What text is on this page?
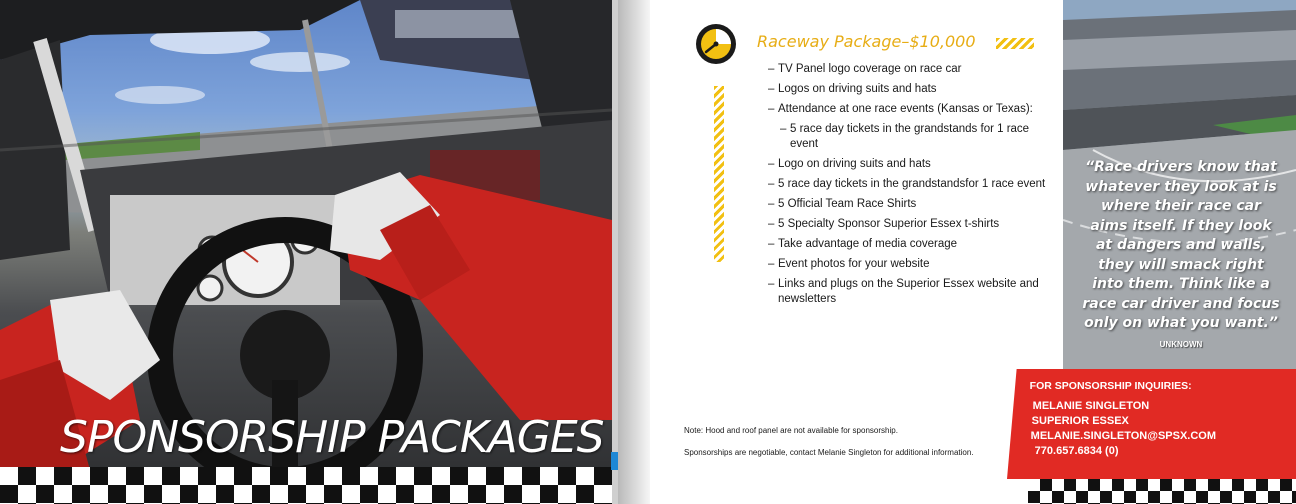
SPONSORSHIP PACKAGES
Raceway Package–$10,000
– TV Panel logo coverage on race car
– Logos on driving suits and hats
– Attendance at one race events (Kansas or Texas):
– 5 race day tickets in the grandstands for 1 race event
– Logo on driving suits and hats
– 5 race day tickets in the grandstandsfor 1 race event
– 5 Official Team Race Shirts
– 5 Specialty Sponsor Superior Essex t-shirts
– Take advantage of media coverage
– Event photos for your website
– Links and plugs on the Superior Essex website and newsletters

Note: Hood and roof panel are not available for sponsorship.

Sponsorships are negotiable, contact Melanie Singleton for additional information.

“Race drivers know that whatever they look at is where their race car aims itself. If they look at dangers and walls, they will smack right into them. Think like a race car driver and focus only on what you want.”

UNKNOWN
FOR SPONSORSHIP INQUIRIES:
MELANIE SINGLETON
SUPERIOR ESSEX
MELANIE.SINGLETON@SPSX.COM
770.657.6834 (0)
